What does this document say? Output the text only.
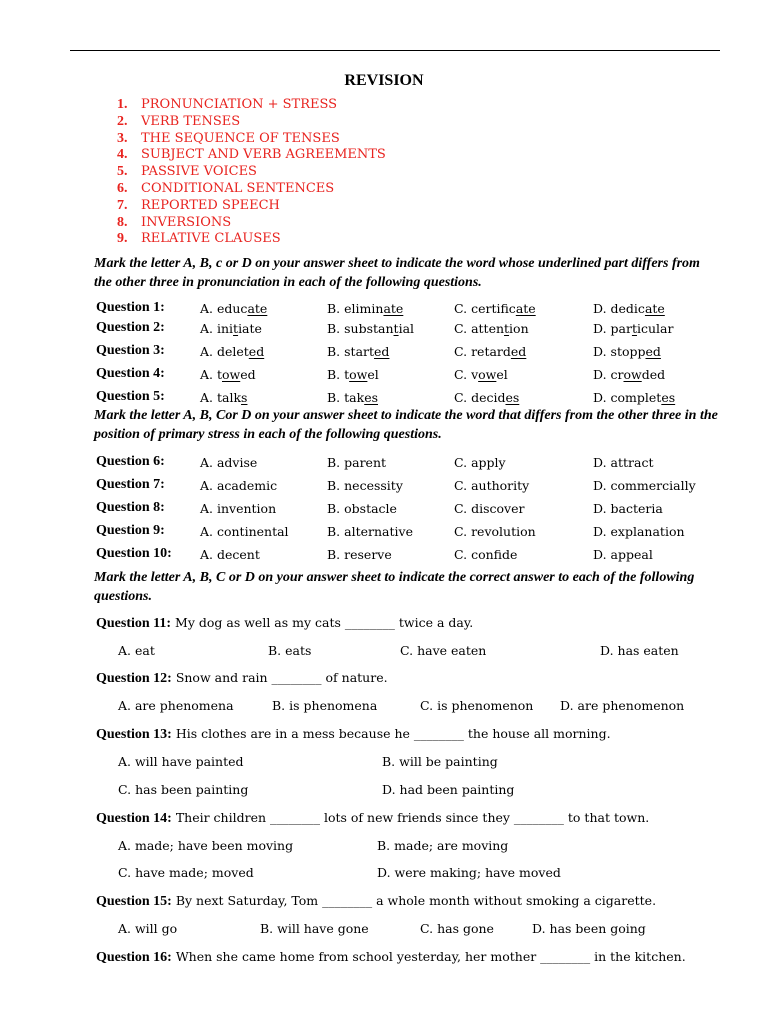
REVISION
1. PRONUNCIATION + STRESS
2. VERB TENSES
3. THE SEQUENCE OF TENSES
4. SUBJECT AND VERB AGREEMENTS
5. PASSIVE VOICES
6. CONDITIONAL SENTENCES
7. REPORTED SPEECH
8. INVERSIONS
9. RELATIVE CLAUSES
Mark the letter A, B, c or D on your answer sheet to indicate the word whose underlined part differs from the other three in pronunciation in each of the following questions.
Question 1:	A. educate	B. eliminate	C. certificate	D. dedicate
Question 2:	A. initiate	B. substantial	C. attention	D. particular
Question 3:	A. deleted	B. started	C. retarded	D. stopped
Question 4:	A. towed	B. towel	C. vowel	D. crowded
Question 5:	A. talks	B. takes	C. decides	D. completes
Mark the letter A, B, Cor D on your answer sheet to indicate the word that differs from the other three in the position of primary stress in each of the following questions.
Question 6:	A. advise	B. parent	C. apply	D. attract
Question 7:	A. academic	B. necessity	C. authority	D. commercially
Question 8:	A. invention	B. obstacle	C. discover	D. bacteria
Question 9:	A. continental	B. alternative	C. revolution	D. explanation
Question 10: A. decent	B. reserve	C. confide	D. appeal
Mark the letter A, B, C or D on your answer sheet to indicate the correct answer to each of the following questions.
Question 11: My dog as well as my cats ________ twice a day.
A. eat	B. eats	C. have eaten	D. has eaten
Question 12: Snow and rain ________ of nature.
A. are phenomena	B. is phenomena	C. is phenomenon D. are phenomenon
Question 13: His clothes are in a mess because he ________ the house all morning.
A. will have painted	B. will be painting
C. has been painting	D. had been painting
Question 14: Their children ________ lots of new friends since they ________ to that town.
A. made; have been moving	B. made; are moving
C. have made; moved	D. were making; have moved
Question 15: By next Saturday, Tom ________ a whole month without smoking a cigarette.
A. will go	B. will have gone	C. has gone	D. has been going
Question 16: When she came home from school yesterday, her mother ________ in the kitchen.
